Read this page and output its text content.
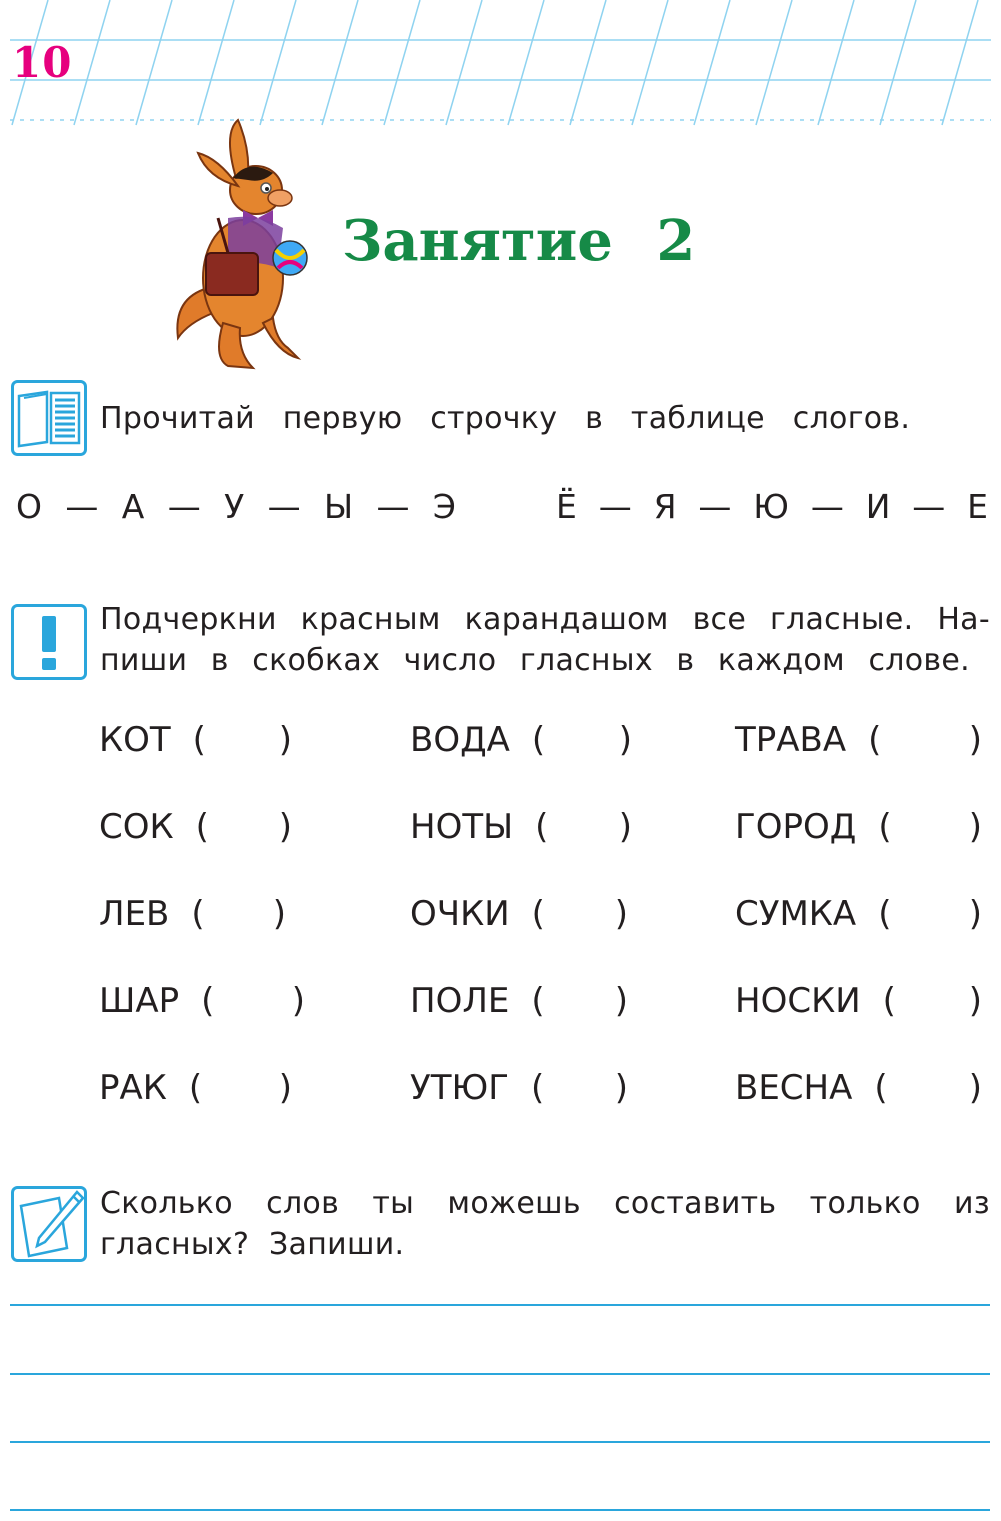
10
Занятие 2
Прочитай первую строчку в таблице слогов.
О — А — У — Ы — Э	Ё — Я — Ю — И — Е
Подчеркни красным карандашом все гласные. На-
пиши в скобках число гласных в каждом слове.
КОТ ( )	ВОДА ( )	ТРАВА (	)
СОК ( )	НОТЫ ( )	ГОРОД ( )
ЛЕВ ( )	ОЧКИ ( )	СУМКА ( )
ШАР ( )	ПОЛЕ ( )	НОСКИ ( )
РАК ( )	УТЮГ ( )	ВЕСНА ( )
Сколько слов ты можешь составить только из
гласных? Запиши.
